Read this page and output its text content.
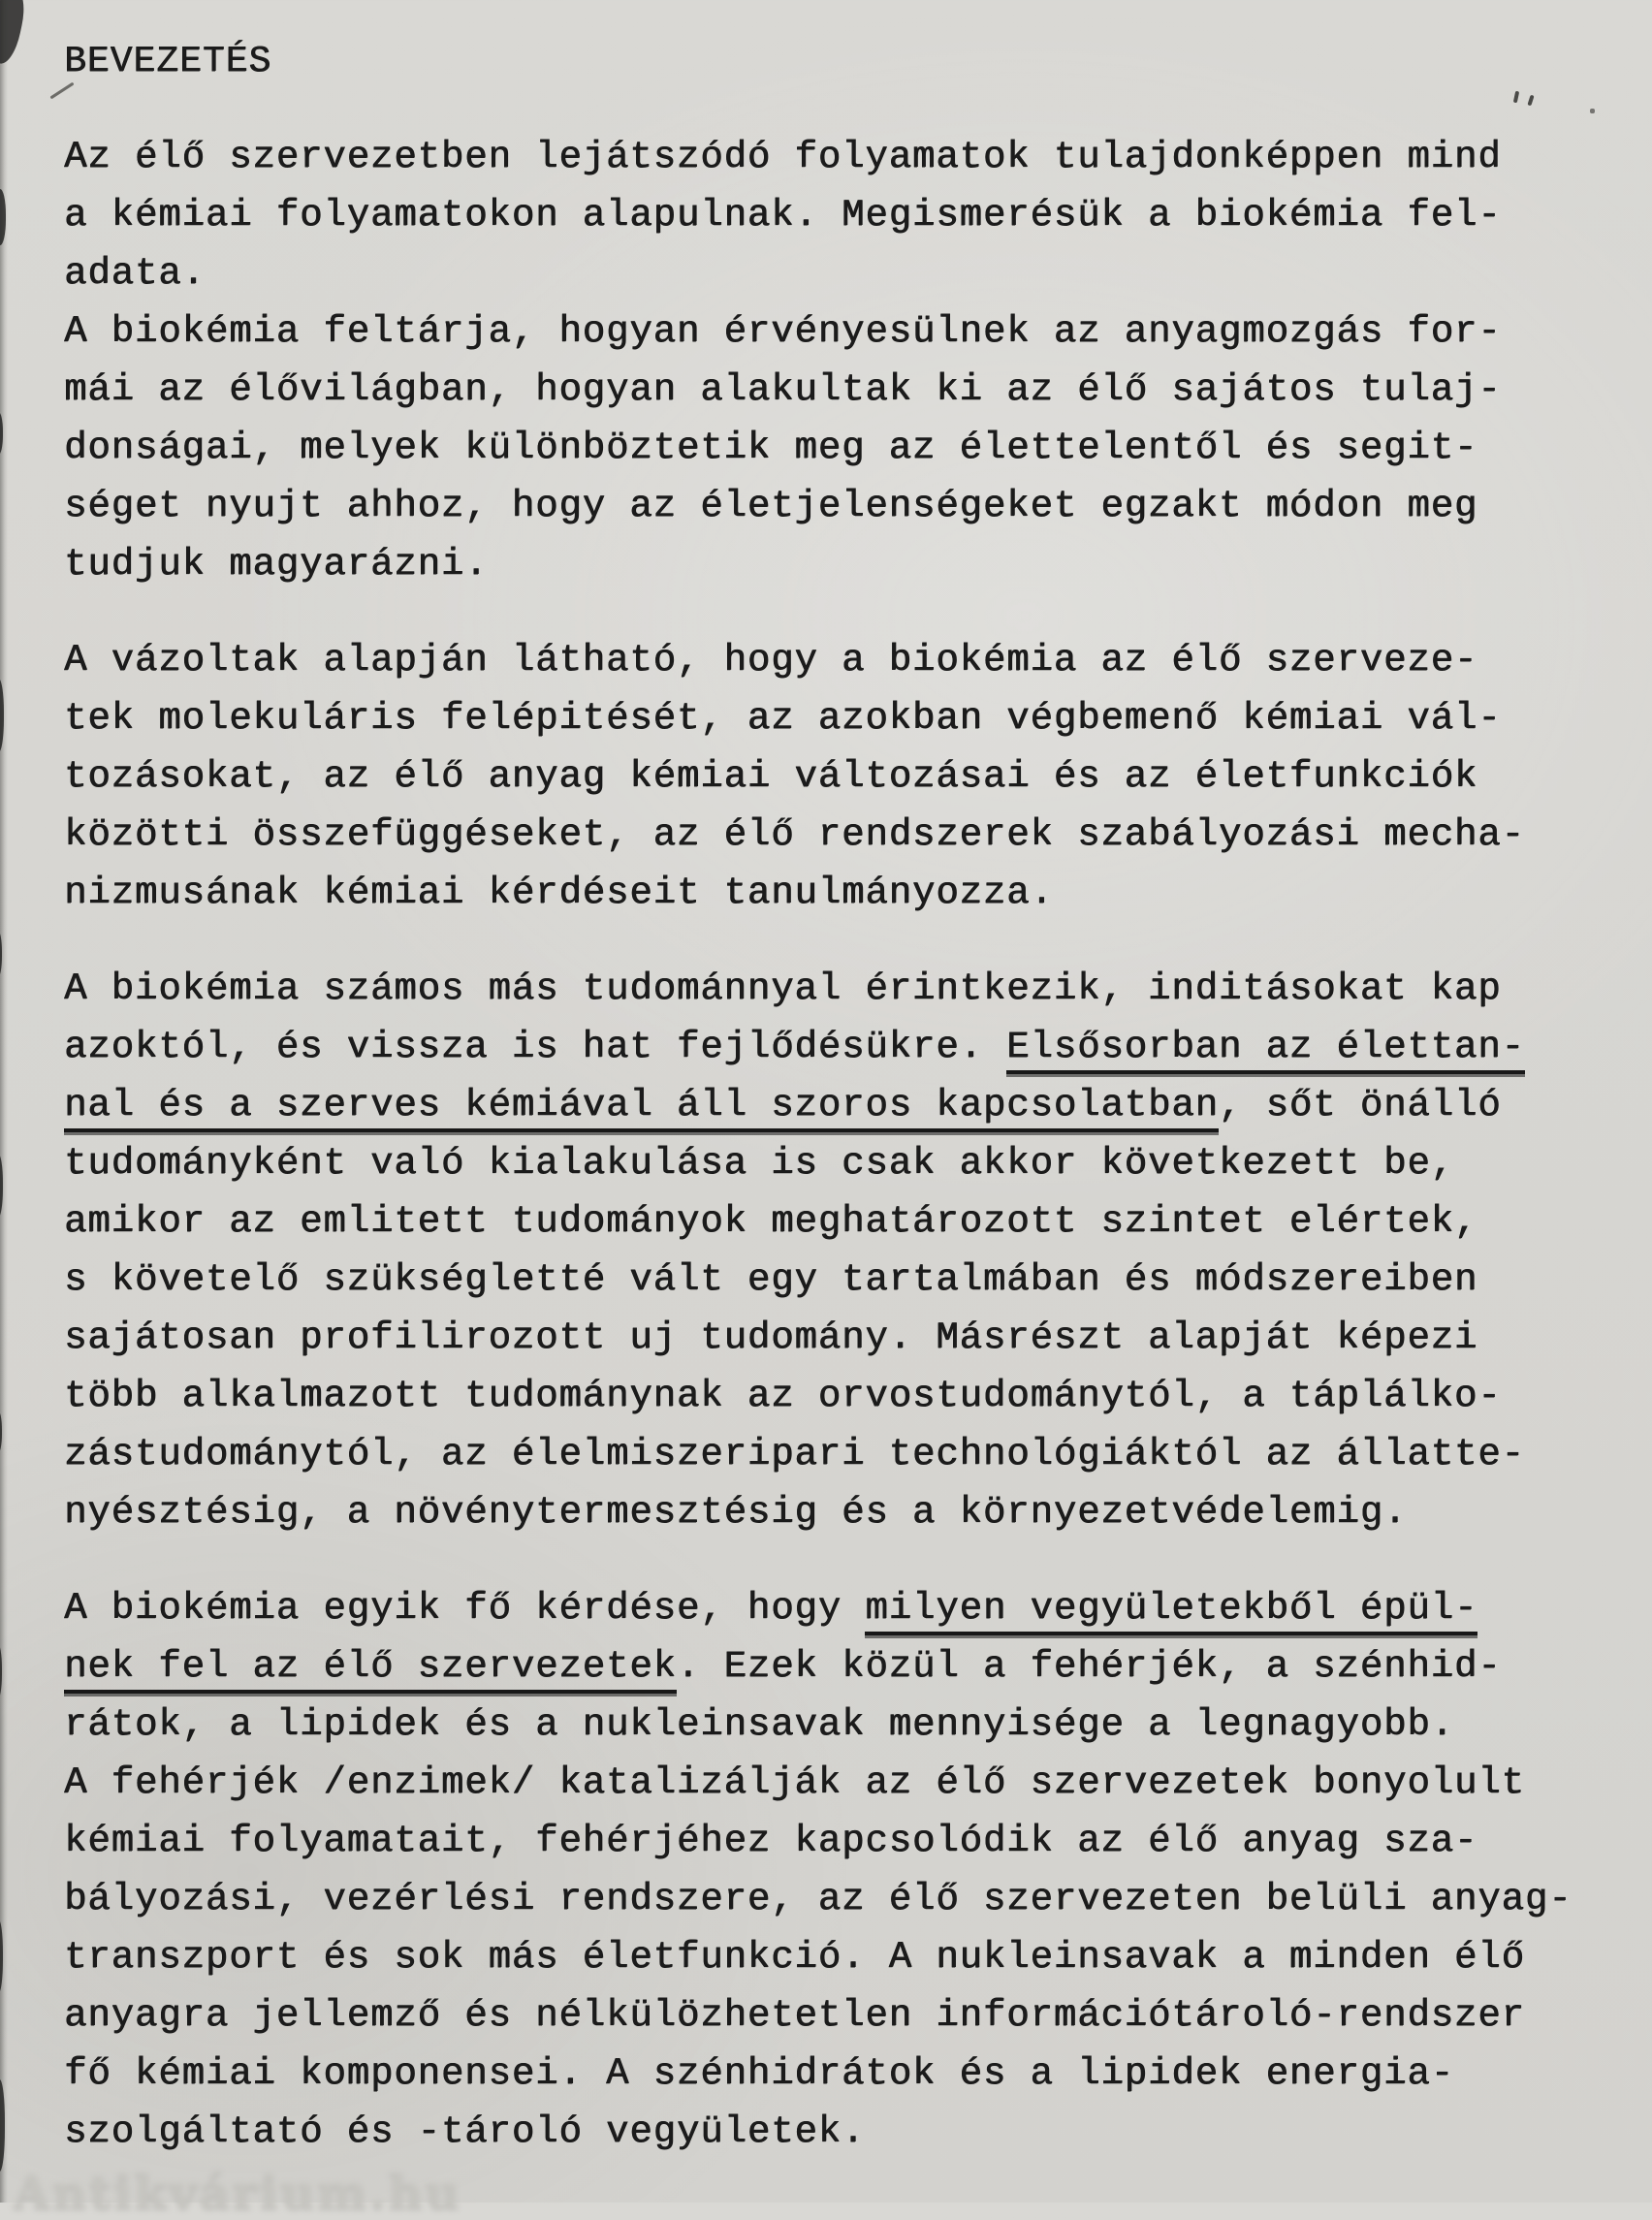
BEVEZETÉS
Az élő szervezetben lejátszódó folyamatok tulajdonképpen mind
a kémiai folyamatokon alapulnak. Megismerésük a biokémia fel-
adata.
A biokémia feltárja, hogyan érvényesülnek az anyagmozgás for-
mái az élővilágban, hogyan alakultak ki az élő sajátos tulaj-
donságai, melyek különböztetik meg az élettelentől és segit-
séget nyujt ahhoz, hogy az életjelenségeket egzakt módon meg
tudjuk magyarázni.
A vázoltak alapján látható, hogy a biokémia az élő szerveze-
tek molekuláris felépitését, az azokban végbemenő kémiai vál-
tozásokat, az élő anyag kémiai változásai és az életfunkciók
közötti összefüggéseket, az élő rendszerek szabályozási mecha-
nizmusának kémiai kérdéseit tanulmányozza.
A biokémia számos más tudománnyal érintkezik, inditásokat kap
azoktól, és vissza is hat fejlődésükre. Elsősorban az élettan-
nal és a szerves kémiával áll szoros kapcsolatban, sőt önálló
tudományként való kialakulása is csak akkor következett be,
amikor az emlitett tudományok meghatározott szintet elértek,
s követelő szükségletté vált egy tartalmában és módszereiben
sajátosan profilirozott uj tudomány. Másrészt alapját képezi
több alkalmazott tudománynak az orvostudománytól, a táplálko-
zástudománytól, az élelmiszeripari technológiáktól az állatte-
nyésztésig, a növénytermesztésig és a környezetvédelemig.
A biokémia egyik fő kérdése, hogy milyen vegyületekből épül-
nek fel az élő szervezetek. Ezek közül a fehérjék, a szénhid-
rátok, a lipidek és a nukleinsavak mennyisége a legnagyobb.
A fehérjék /enzimek/ katalizálják az élő szervezetek bonyolult
kémiai folyamatait, fehérjéhez kapcsolódik az élő anyag sza-
bályozási, vezérlési rendszere, az élő szervezeten belüli anyag-
transzport és sok más életfunkció. A nukleinsavak a minden élő
anyagra jellemző és nélkülözhetetlen információtároló-rendszer
fő kémiai komponensei. A szénhidrátok és a lipidek energia-
szolgáltató és -tároló vegyületek.
Antikvárium.hu
